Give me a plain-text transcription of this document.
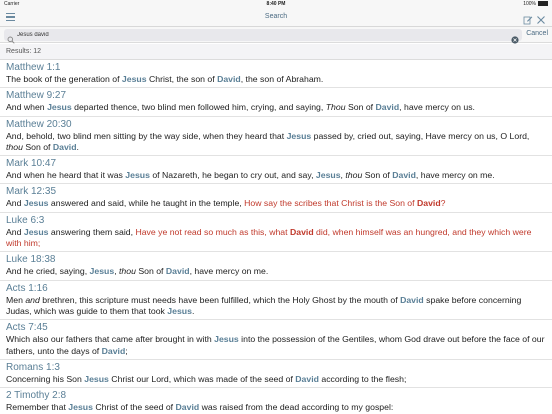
Carrier	8:40 PM	100%
Search
Jesus david
Cancel
Results: 12
Matthew 1:1
The book of the generation of Jesus Christ, the son of David, the son of Abraham.
Matthew 9:27
And when Jesus departed thence, two blind men followed him, crying, and saying, Thou Son of David, have mercy on us.
Matthew 20:30
And, behold, two blind men sitting by the way side, when they heard that Jesus passed by, cried out, saying, Have mercy on us, O Lord, thou Son of David.
Mark 10:47
And when he heard that it was Jesus of Nazareth, he began to cry out, and say, Jesus, thou Son of David, have mercy on me.
Mark 12:35
And Jesus answered and said, while he taught in the temple, How say the scribes that Christ is the Son of David?
Luke 6:3
And Jesus answering them said, Have ye not read so much as this, what David did, when himself was an hungred, and they which were with him;
Luke 18:38
And he cried, saying, Jesus, thou Son of David, have mercy on me.
Acts 1:16
Men and brethren, this scripture must needs have been fulfilled, which the Holy Ghost by the mouth of David spake before concerning Judas, which was guide to them that took Jesus.
Acts 7:45
Which also our fathers that came after brought in with Jesus into the possession of the Gentiles, whom God drave out before the face of our fathers, unto the days of David;
Romans 1:3
Concerning his Son Jesus Christ our Lord, which was made of the seed of David according to the flesh;
2 Timothy 2:8
Remember that Jesus Christ of the seed of David was raised from the dead according to my gospel:
